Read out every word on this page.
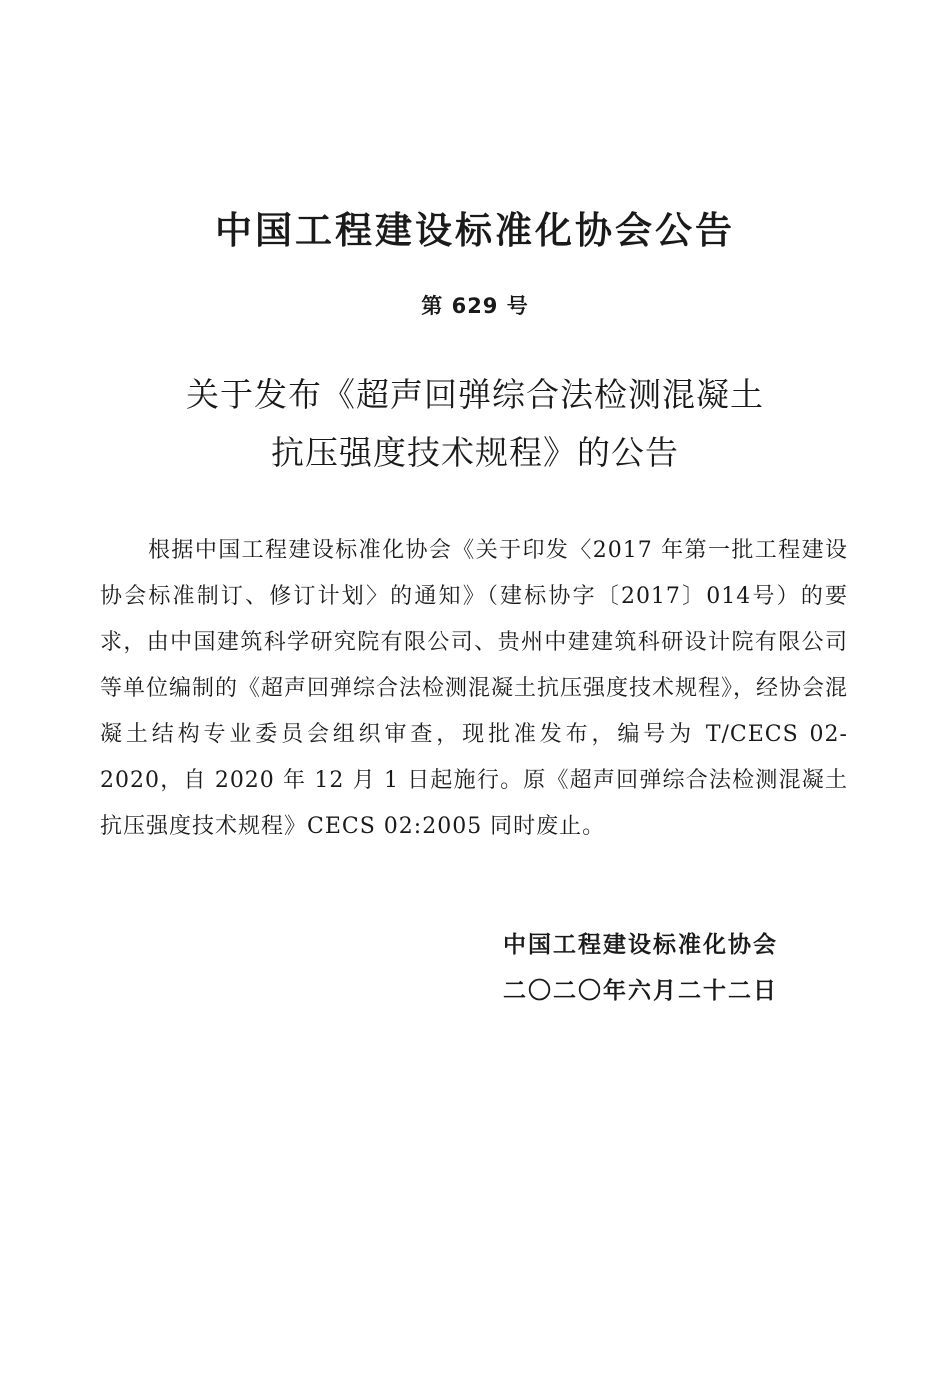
中国工程建设标准化协会公告
第 629 号
关于发布《超声回弹综合法检测混凝土
抗压强度技术规程》的公告
根据中国工程建设标准化协会《关于印发〈2017 年第一批工程建设协会标准制订、修订计划〉的通知》（建标协字〔2017〕014号）的要求，由中国建筑科学研究院有限公司、贵州中建建筑科研设计院有限公司等单位编制的《超声回弹综合法检测混凝土抗压强度技术规程》，经协会混凝土结构专业委员会组织审查，现批准发布，编号为 T/CECS 02-2020，自 2020 年 12 月 1 日起施行。原《超声回弹综合法检测混凝土抗压强度技术规程》CECS 02:2005 同时废止。
中国工程建设标准化协会
二〇二〇年六月二十二日
